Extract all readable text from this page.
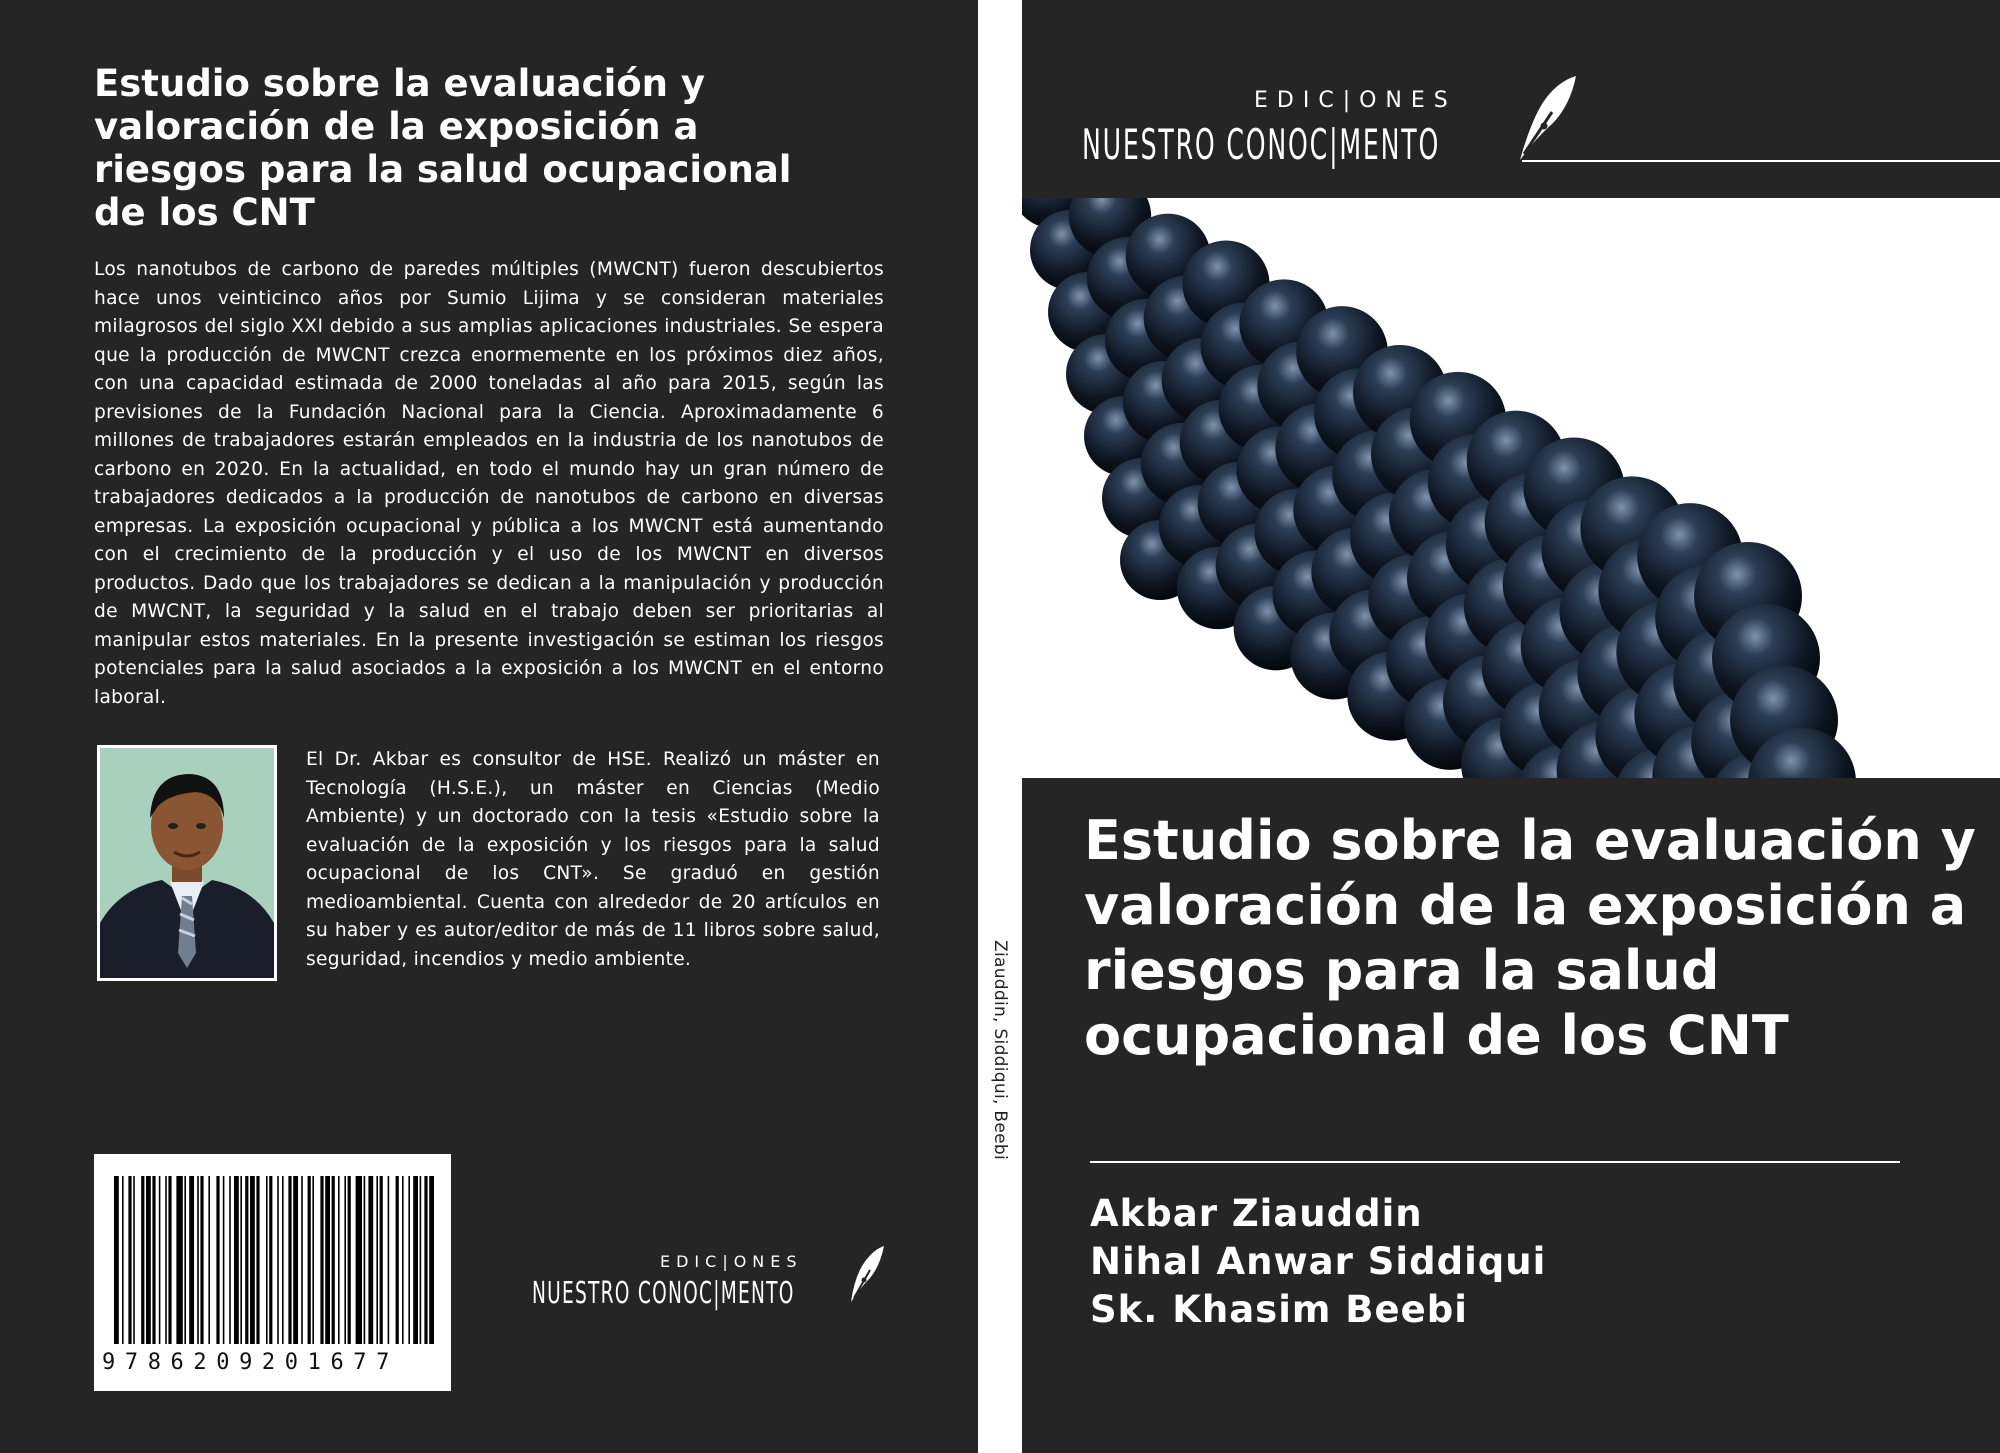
Estudio sobre la evaluación y valoración de la exposición a riesgos para la salud ocupacional de los CNT

Los nanotubos de carbono de paredes múltiples (MWCNT) fueron descubiertos hace unos veinticinco años por Sumio Lijima y se consideran materiales milagrosos del siglo XXI debido a sus amplias aplicaciones industriales. Se espera que la producción de MWCNT crezca enormemente en los próximos diez años, con una capacidad estimada de 2000 toneladas al año para 2015, según las previsiones de la Fundación Nacional para la Ciencia. Aproximadamente 6 millones de trabajadores estarán empleados en la industria de los nanotubos de carbono en 2020. En la actualidad, en todo el mundo hay un gran número de trabajadores dedicados a la producción de nanotubos de carbono en diversas empresas. La exposición ocupacional y pública a los MWCNT está aumentando con el crecimiento de la producción y el uso de los MWCNT en diversos productos. Dado que los trabajadores se dedican a la manipulación y producción de MWCNT, la seguridad y la salud en el trabajo deben ser prioritarias al manipular estos materiales. En la presente investigación se estiman los riesgos potenciales para la salud asociados a la exposición a los MWCNT en el entorno laboral.

El Dr. Akbar es consultor de HSE. Realizó un máster en Tecnología (H.S.E.), un máster en Ciencias (Medio Ambiente) y un doctorado con la tesis «Estudio sobre la evaluación de la exposición y los riesgos para la salud ocupacional de los CNT». Se graduó en gestión medioambiental. Cuenta con alrededor de 20 artículos en su haber y es autor/editor de más de 11 libros sobre salud, seguridad, incendios y medio ambiente.

9786209201677
EDIC|ONES
NUESTRO CONOC|MENTO
Ziauddin, Siddiqui, Beebi
EDIC|ONES
NUESTRO CONOC|MENTO
Estudio sobre la evaluación y valoración de la exposición a riesgos para la salud ocupacional de los CNT
Akbar Ziauddin
Nihal Anwar Siddiqui
Sk. Khasim Beebi
